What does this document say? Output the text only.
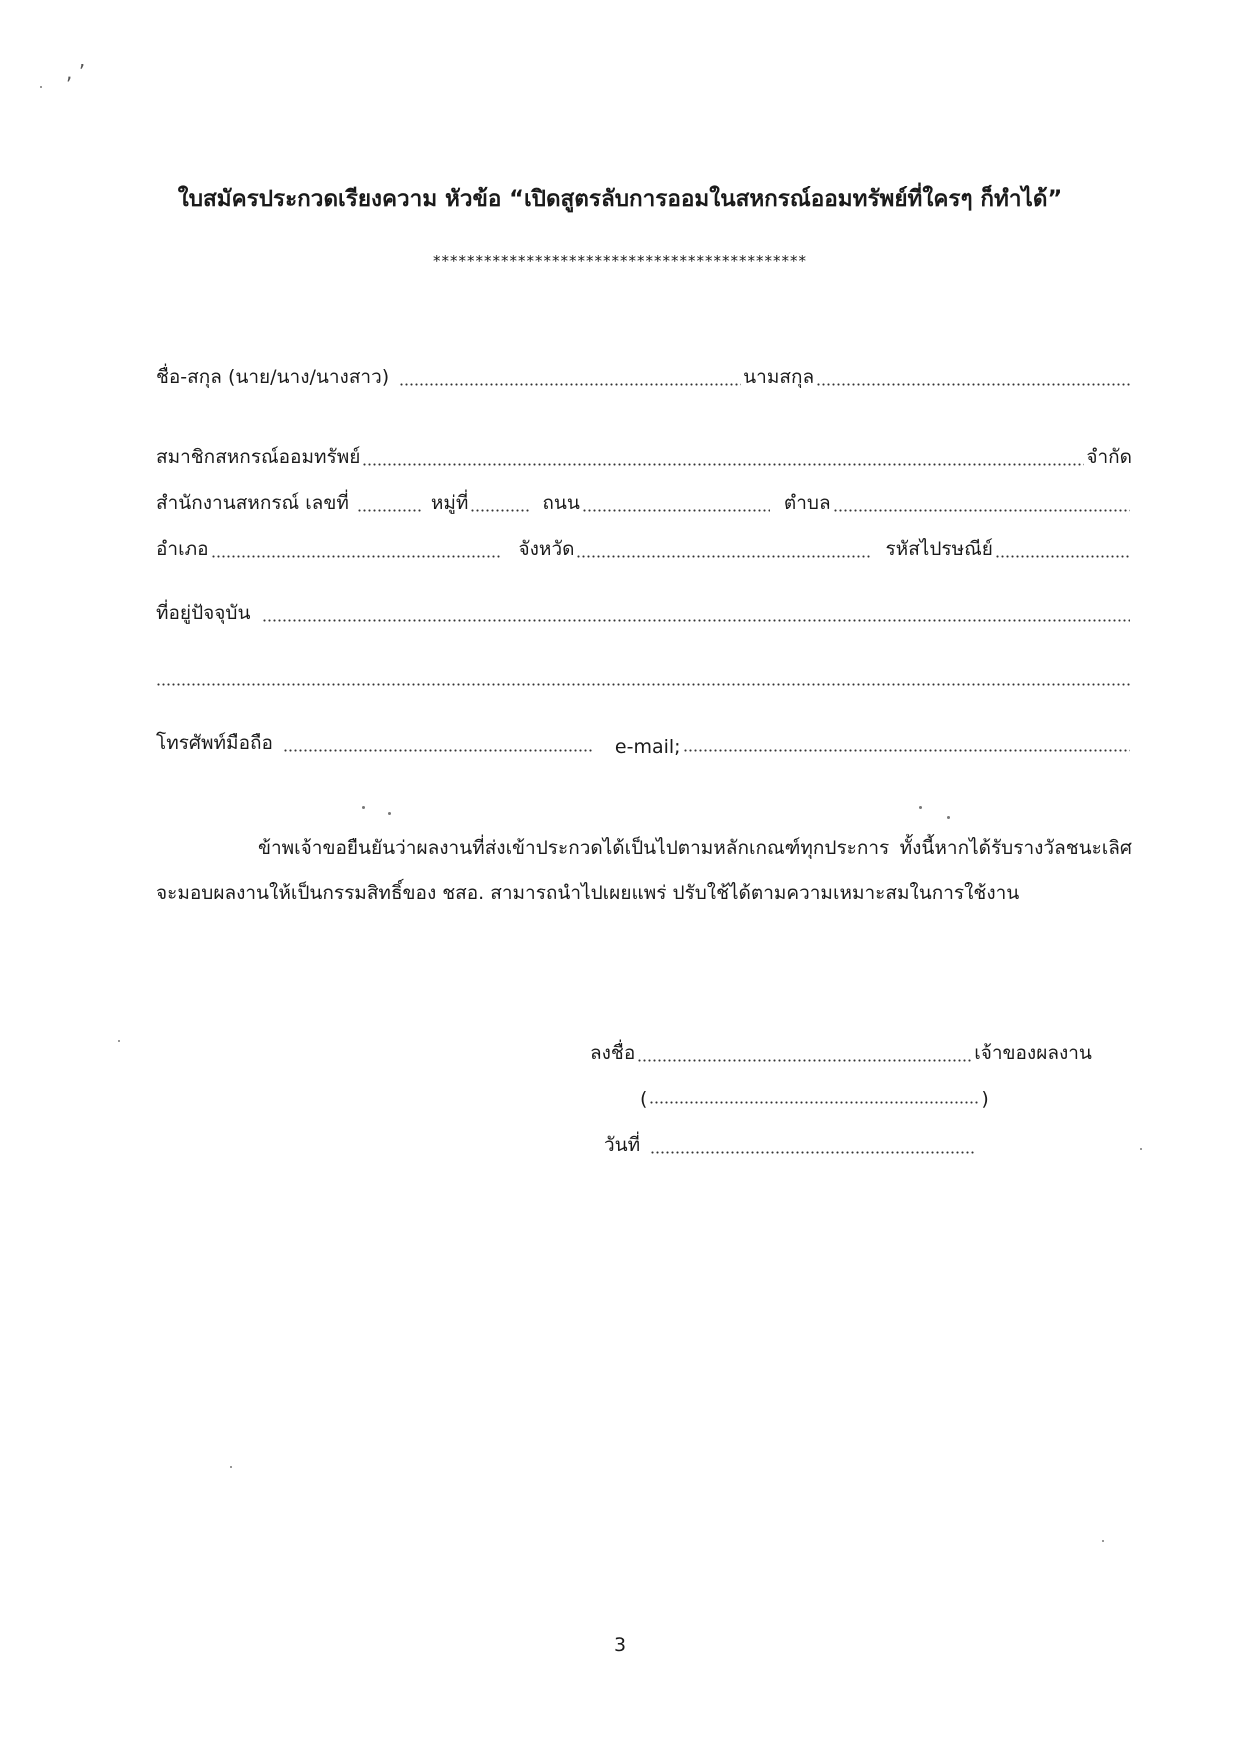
, ’
ใบสมัครประกวดเรียงความ หัวข้อ “เปิดสูตรลับการออมในสหกรณ์ออมทรัพย์ที่ใครๆ ก็ทำได้”
********************************************
ชื่อ-สกุล (นาย/นาง/นางสาว)	นามสกุล
สมาชิกสหกรณ์ออมทรัพย์	จำกัด
สำนักงานสหกรณ์ เลขที่	หมู่ที่	ถนน	ตำบล
อำเภอ	จังหวัด	รหัสไปรษณีย์
ที่อยู่ปัจจุบัน
โทรศัพท์มือถือ	e-mail;
ข้าพเจ้าขอยืนยันว่าผลงานที่ส่งเข้าประกวดได้เป็นไปตามหลักเกณฑ์ทุกประการ ทั้งนี้หากได้รับรางวัลชนะเลิศจะมอบผลงานให้เป็นกรรมสิทธิ์ของ ชสอ. สามารถนำไปเผยแพร่ ปรับใช้ได้ตามความเหมาะสมในการใช้งาน
ลงชื่อ	เจ้าของผลงาน
(	)
วันที่
3
